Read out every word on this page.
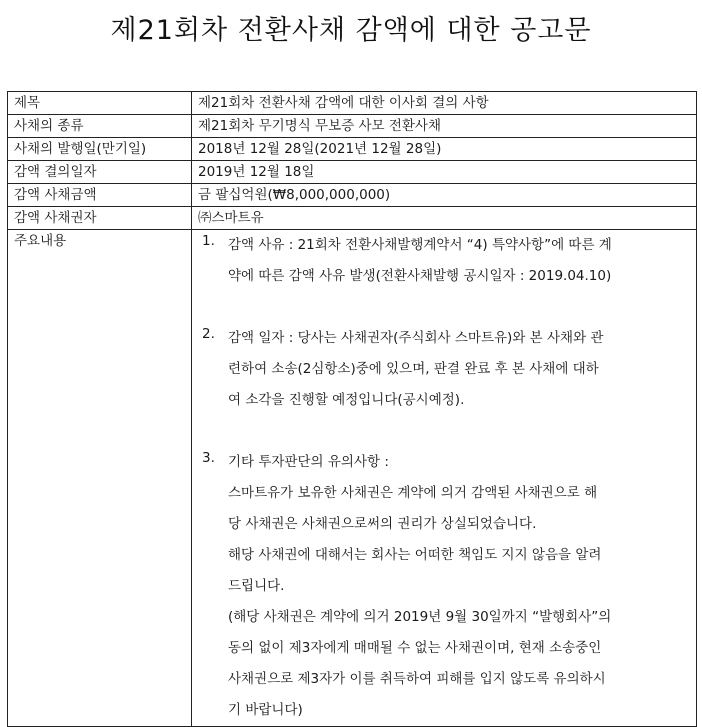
제21회차 전환사채 감액에 대한 공고문
제목	제21회차 전환사채 감액에 대한 이사회 결의 사항
사채의 종류	제21회차 무기명식 무보증 사모 전환사채
사채의 발행일(만기일)	2018년 12월 28일(2021년 12월 28일)
감액 결의일자	2019년 12월 18일
감액 사채금액	금 팔십억원(₩8,000,000,000)
감액 사채권자	㈜스마트유
주요내용	1. 감액 사유 : 21회차 전환사채발행계약서 “4) 특약사항”에 따른 계
약에 따른 감액 사유 발생(전환사채발행 공시일자 : 2019.04.10)
2. 감액 일자 : 당사는 사채권자(주식회사 스마트유)와 본 사채와 관
련하여 소송(2심항소)중에 있으며, 판결 완료 후 본 사채에 대하
여 소각을 진행할 예정입니다(공시예정).
3. 기타 투자판단의 유의사항 :
스마트유가 보유한 사채권은 계약에 의거 감액된 사채권으로 해
당 사채권은 사채권으로써의 권리가 상실되었습니다.
해당 사채권에 대해서는 회사는 어떠한 책임도 지지 않음을 알려
드립니다.
(해당 사채권은 계약에 의거 2019년 9월 30일까지 “발행회사”의
동의 없이 제3자에게 매매될 수 없는 사채권이며, 현재 소송중인
사채권으로 제3자가 이를 취득하여 피해를 입지 않도록 유의하시
기 바랍니다)
